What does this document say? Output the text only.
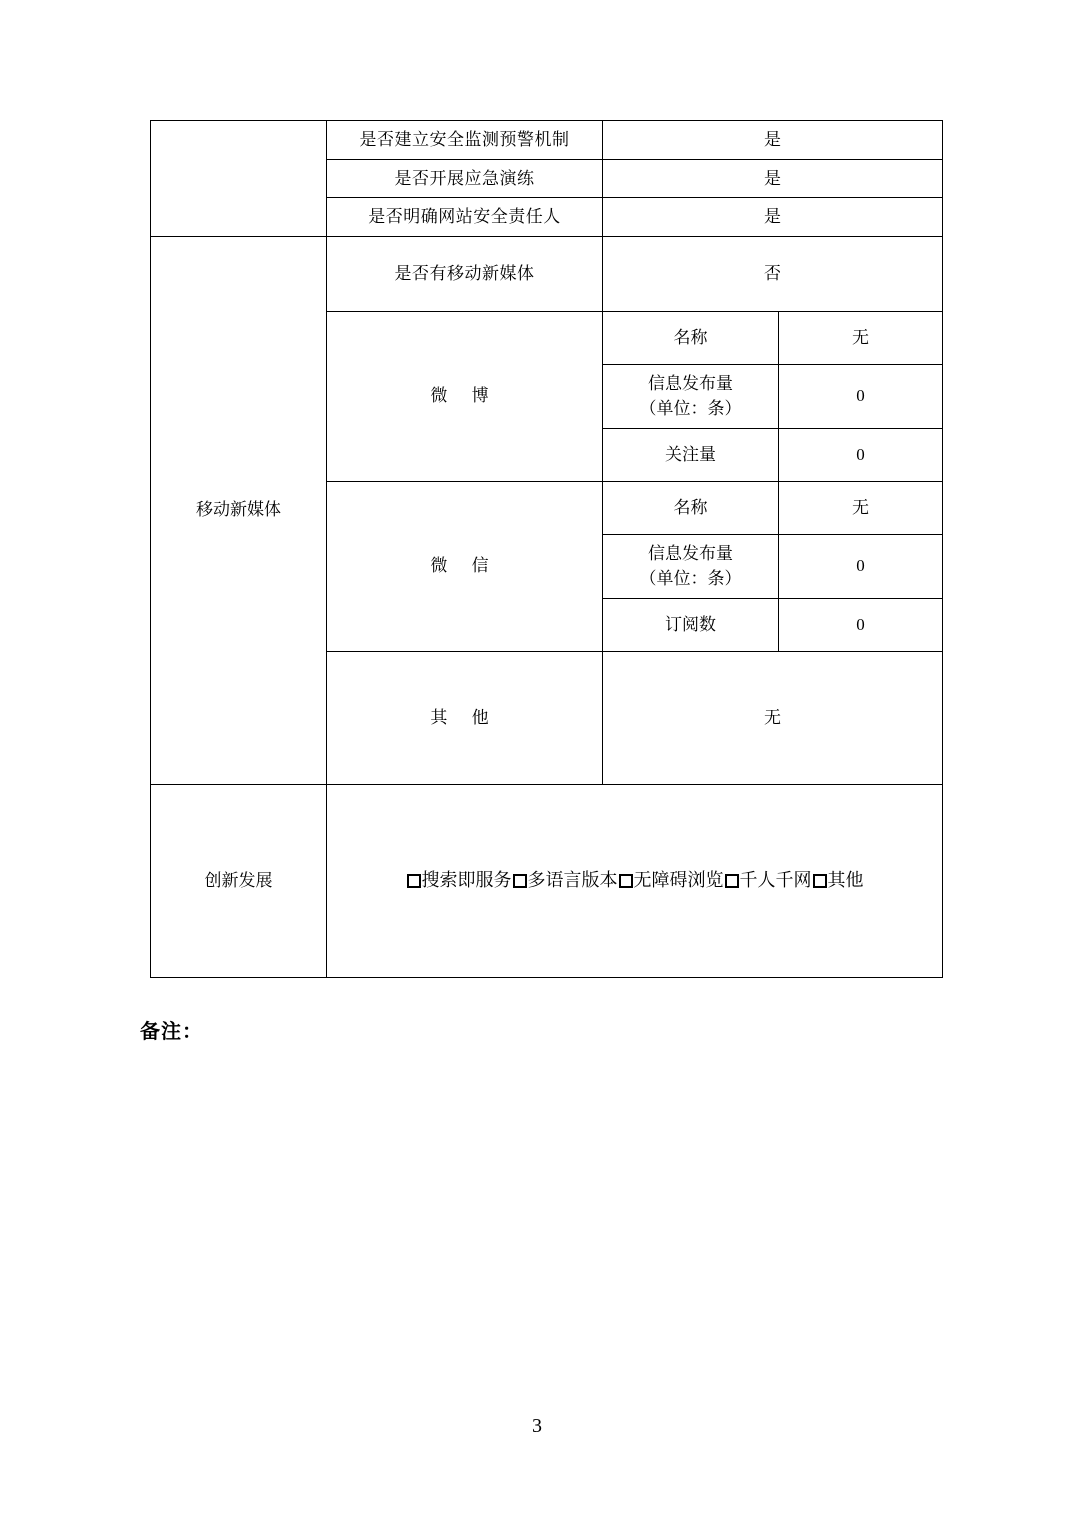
	是否建立安全监测预警机制	是	
	是否开展应急演练	是	
	是否明确网站安全责任人	是	
移动新媒体	是否有移动新媒体	否	
	微 博	名称	无

		信息发布量
（单位：条）	0
		关注量	0
	微 信	名称	无

		信息发布量
（单位：条）	0
		订阅数	0
	其 他	无	
创新发展	搜索即服务 多语言版本 无障碍浏览 千人千网 其他		
备注：
3
